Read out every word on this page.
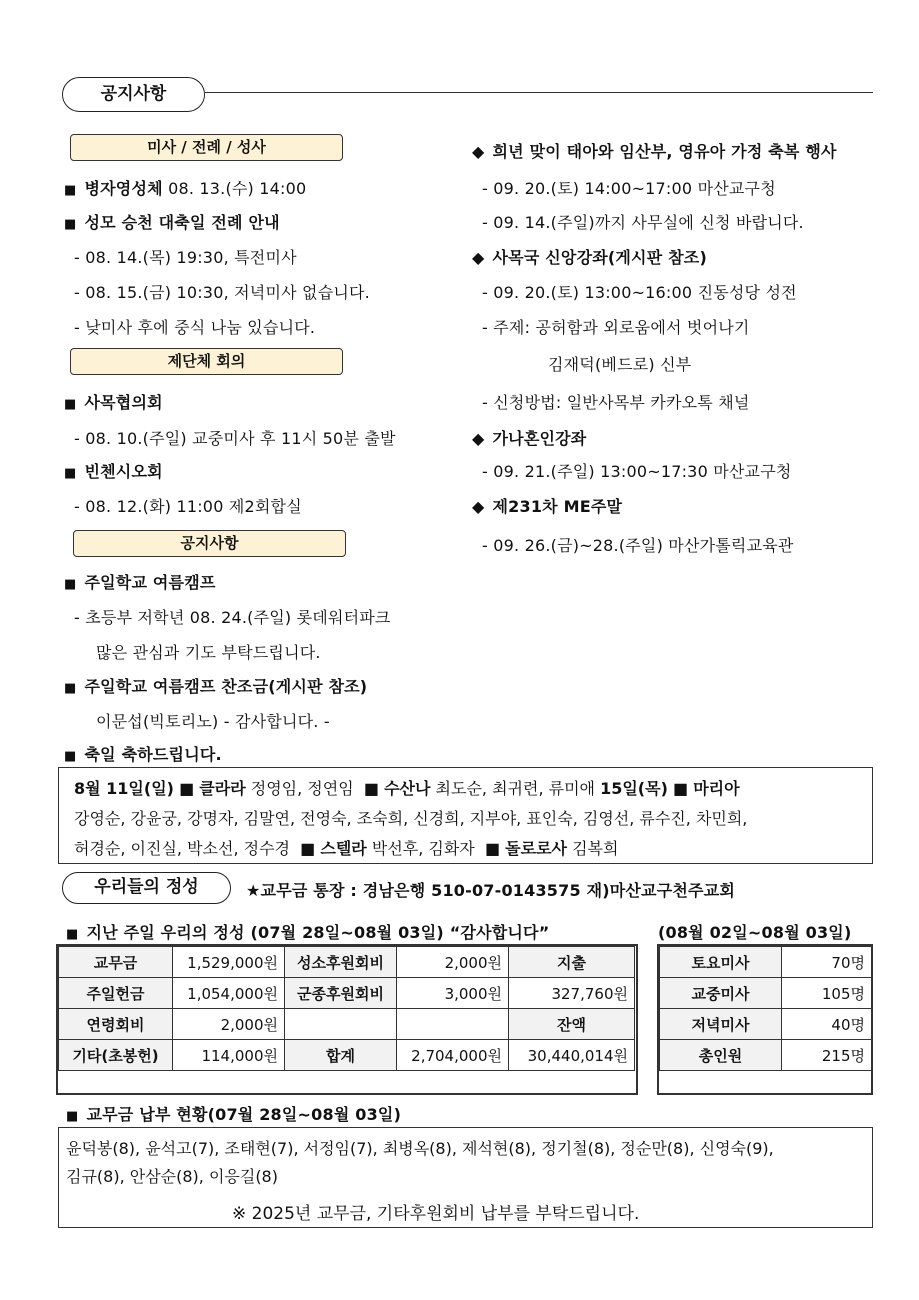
공지사항
미사 / 전례 / 성사
■ 병자영성체 08. 13.(수) 14:00
■ 성모 승천 대축일 전례 안내
- 08. 14.(목) 19:30, 특전미사
- 08. 15.(금) 10:30, 저녁미사 없습니다.
- 낮미사 후에 중식 나눔 있습니다.
제단체 회의
■ 사목협의회
- 08. 10.(주일) 교중미사 후 11시 50분 출발
■ 빈첸시오회
- 08. 12.(화) 11:00 제2회합실
공지사항
■ 주일학교 여름캠프
- 초등부 저학년 08. 24.(주일) 롯데워터파크
많은 관심과 기도 부탁드립니다.
■ 주일학교 여름캠프 찬조금(게시판 참조)
이문섭(빅토리노) - 감사합니다. -
■ 축일 축하드립니다.
◆ 희년 맞이 태아와 임산부, 영유아 가정 축복 행사
- 09. 20.(토) 14:00~17:00 마산교구청
- 09. 14.(주일)까지 사무실에 신청 바랍니다.
◆ 사목국 신앙강좌(게시판 참조)
- 09. 20.(토) 13:00~16:00 진동성당 성전
- 주제: 공허함과 외로움에서 벗어나기
김재덕(베드로) 신부
- 신청방법: 일반사목부 카카오톡 채널
◆ 가나혼인강좌
- 09. 21.(주일) 13:00~17:30 마산교구청
◆ 제231차 ME주말
- 09. 26.(금)~28.(주일) 마산가톨릭교육관
8월 11일(일) ■ 클라라 정영임, 정연임 ■ 수산나 최도순, 최귀련, 류미애 15일(목) ■ 마리아
강영순, 강윤궁, 강명자, 김말연, 전영숙, 조숙희, 신경희, 지부야, 표인숙, 김영선, 류수진, 차민희,
허경순, 이진실, 박소선, 정수경 ■ 스텔라 박선후, 김화자 ■ 돌로로사 김복희
우리들의 정성	★교무금 통장 : 경남은행 510-07-0143575 재)마산교구천주교회
■ 지난 주일 우리의 정성 (07월 28일~08월 03일) “감사합니다”	(08월 02일~08월 03일)
교무금	1,529,000원	성소후원회비	2,000원	지출
주일헌금	1,054,000원	군종후원회비	3,000원	327,760원
연령회비	2,000원			잔액
기타(초봉헌)	114,000원	합계	2,704,000원	30,440,014원
토요미사	70명
교중미사	105명
저녁미사	40명
총인원	215명
■ 교무금 납부 현황(07월 28일~08월 03일)
윤덕봉(8), 윤석고(7), 조태현(7), 서정임(7), 최병옥(8), 제석현(8), 정기철(8), 정순만(8), 신영숙(9),
김규(8), 안삼순(8), 이응길(8)
※ 2025년 교무금, 기타후원회비 납부를 부탁드립니다.
